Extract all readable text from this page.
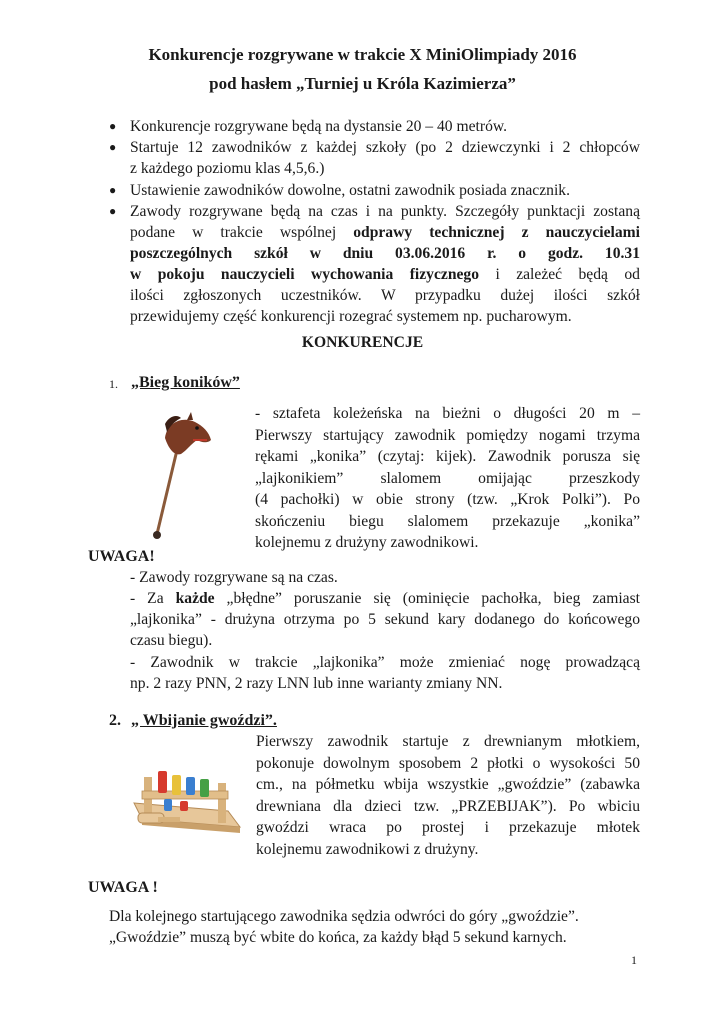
Konkurencje rozgrywane w trakcie X MiniOlimpiady 2016
pod hasłem „Turniej u Króla Kazimierza”
● Konkurencje rozgrywane będą na dystansie 20 – 40 metrów.
● Startuje 12 zawodników z każdej szkoły (po 2 dziewczynki i 2 chłopców
z każdego poziomu klas 4,5,6.)
● Ustawienie zawodników dowolne, ostatni zawodnik posiada znacznik.
● Zawody rozgrywane będą na czas i na punkty. Szczegóły punktacji zostaną
podane w trakcie wspólnej odprawy technicznej z nauczycielami
poszczególnych szkół w dniu 03.06.2016 r. o godz. 10.31
w pokoju nauczycieli wychowania fizycznego i zależeć będą od
ilości zgłoszonych uczestników. W przypadku dużej ilości szkół
przewidujemy część konkurencji rozegrać systemem np. pucharowym.
KONKURENCJE
1. „Bieg koników”
- sztafeta koleżeńska na bieżni o długości 20 m –
Pierwszy startujący zawodnik pomiędzy nogami trzyma
rękami „konika” (czytaj: kijek). Zawodnik porusza się
„lajkonikiem” slalomem omijając przeszkody
(4 pachołki) w obie strony (tzw. „Krok Polki”). Po
skończeniu biegu slalomem przekazuje „konika”
kolejnemu z drużyny zawodnikowi.
UWAGA!
- Zawody rozgrywane są na czas.
- Za każde „błędne” poruszanie się (ominięcie pachołka, bieg zamiast
„lajkonika” - drużyna otrzyma po 5 sekund kary dodanego do końcowego
czasu biegu).
- Zawodnik w trakcie „lajkonika” może zmieniać nogę prowadzącą
np. 2 razy PNN, 2 razy LNN lub inne warianty zmiany NN.
2. „ Wbijanie gwoździ”.
Pierwszy zawodnik startuje z drewnianym młotkiem,
pokonuje dowolnym sposobem 2 płotki o wysokości 50
cm., na półmetku wbija wszystkie „gwoździe” (zabawka
drewniana dla dzieci tzw. „PRZEBIJAK”). Po wbiciu
gwoździ wraca po prostej i przekazuje młotek
kolejnemu zawodnikowi z drużyny.
UWAGA !
Dla kolejnego startującego zawodnika sędzia odwróci do góry „gwoździe”.
„Gwoździe” muszą być wbite do końca, za każdy błąd 5 sekund karnych.
1
